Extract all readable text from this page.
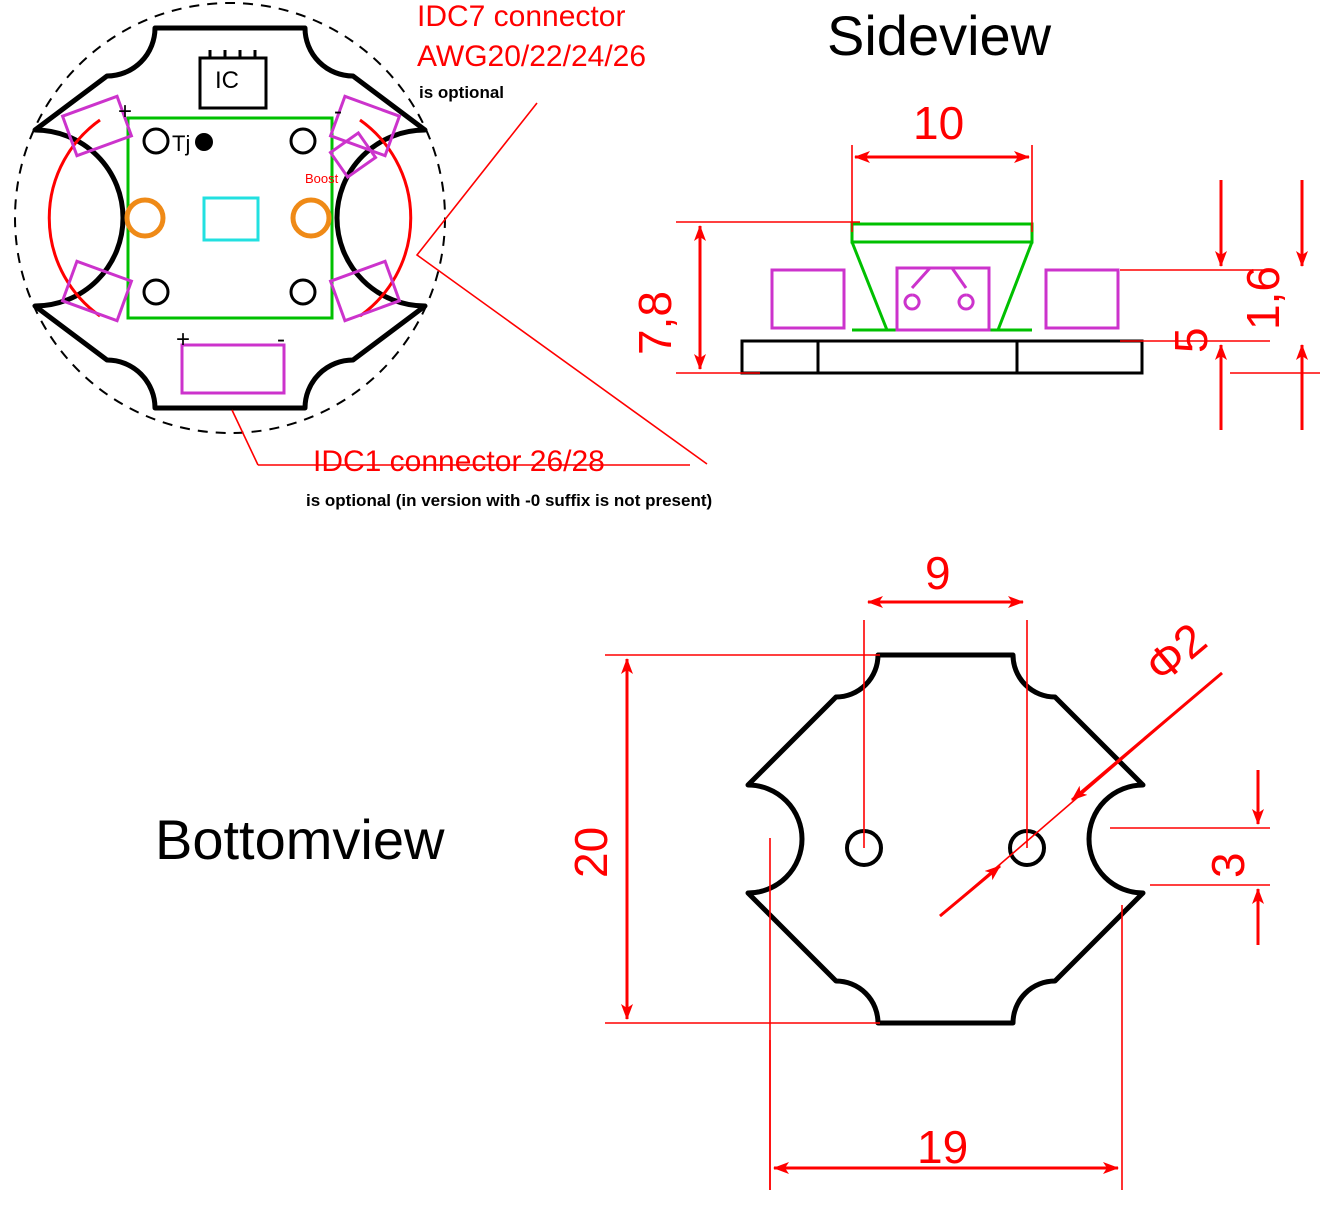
IDC7 connector
AWG20/22/24/26
is optional
IDC1 connector 26/28
is optional (in version with -0 suffix is not present)
IC
Tj
Boost
+	-
+	-
Sideview
10
7,8	5
1,6
Bottomview
9
20
19
Φ2
3
